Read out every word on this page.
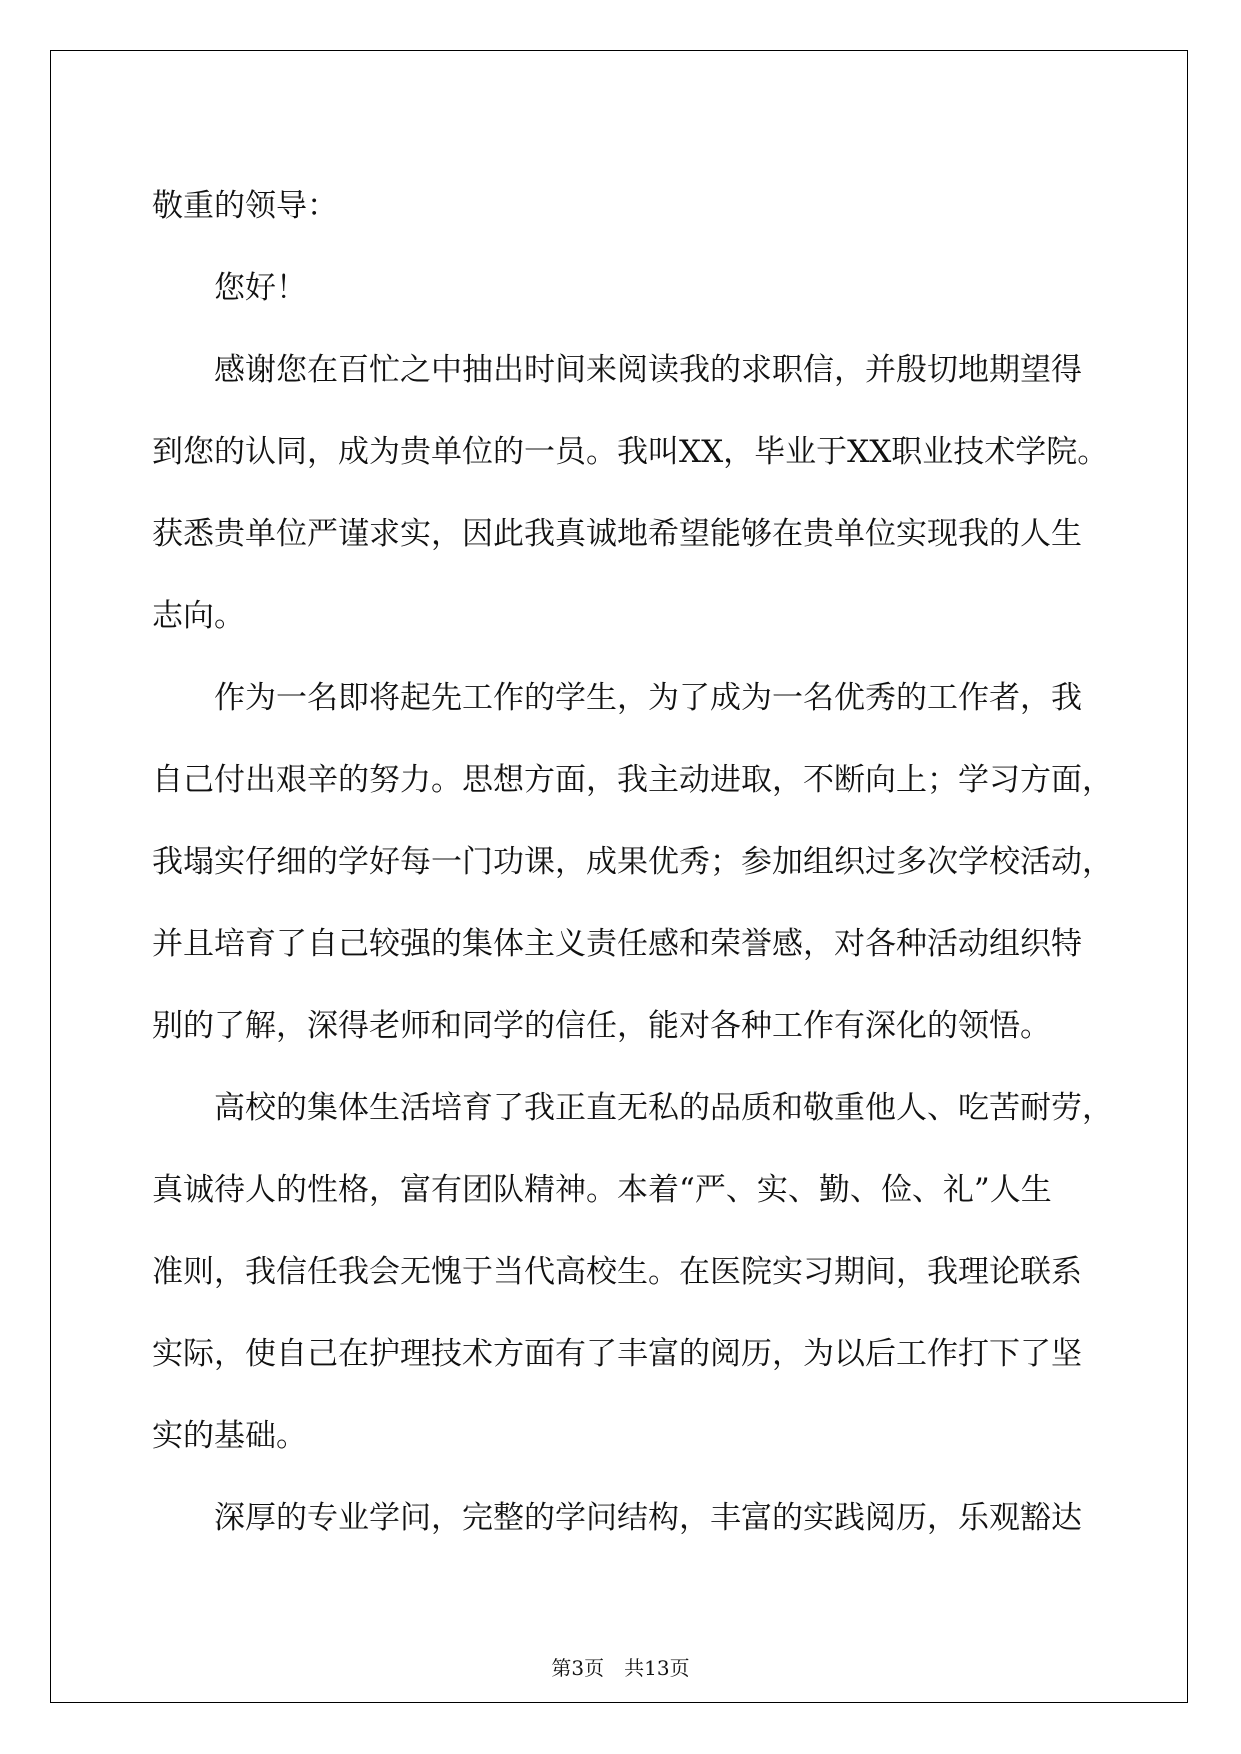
敬重的领导：
您好！
感谢您在百忙之中抽出时间来阅读我的求职信，并殷切地期望得
到您的认同，成为贵单位的一员。我叫XX，毕业于XX职业技术学院。
获悉贵单位严谨求实，因此我真诚地希望能够在贵单位实现我的人生
志向。
作为一名即将起先工作的学生，为了成为一名优秀的工作者，我
自己付出艰辛的努力。思想方面，我主动进取，不断向上；学习方面，
我塌实仔细的学好每一门功课，成果优秀；参加组织过多次学校活动，
并且培育了自己较强的集体主义责任感和荣誉感，对各种活动组织特
别的了解，深得老师和同学的信任，能对各种工作有深化的领悟。
高校的集体生活培育了我正直无私的品质和敬重他人、吃苦耐劳，
真诚待人的性格，富有团队精神。本着“严、实、勤、俭、礼”人生
准则，我信任我会无愧于当代高校生。在医院实习期间，我理论联系
实际，使自己在护理技术方面有了丰富的阅历，为以后工作打下了坚
实的基础。
深厚的专业学问，完整的学问结构，丰富的实践阅历，乐观豁达
第3页　共13页
